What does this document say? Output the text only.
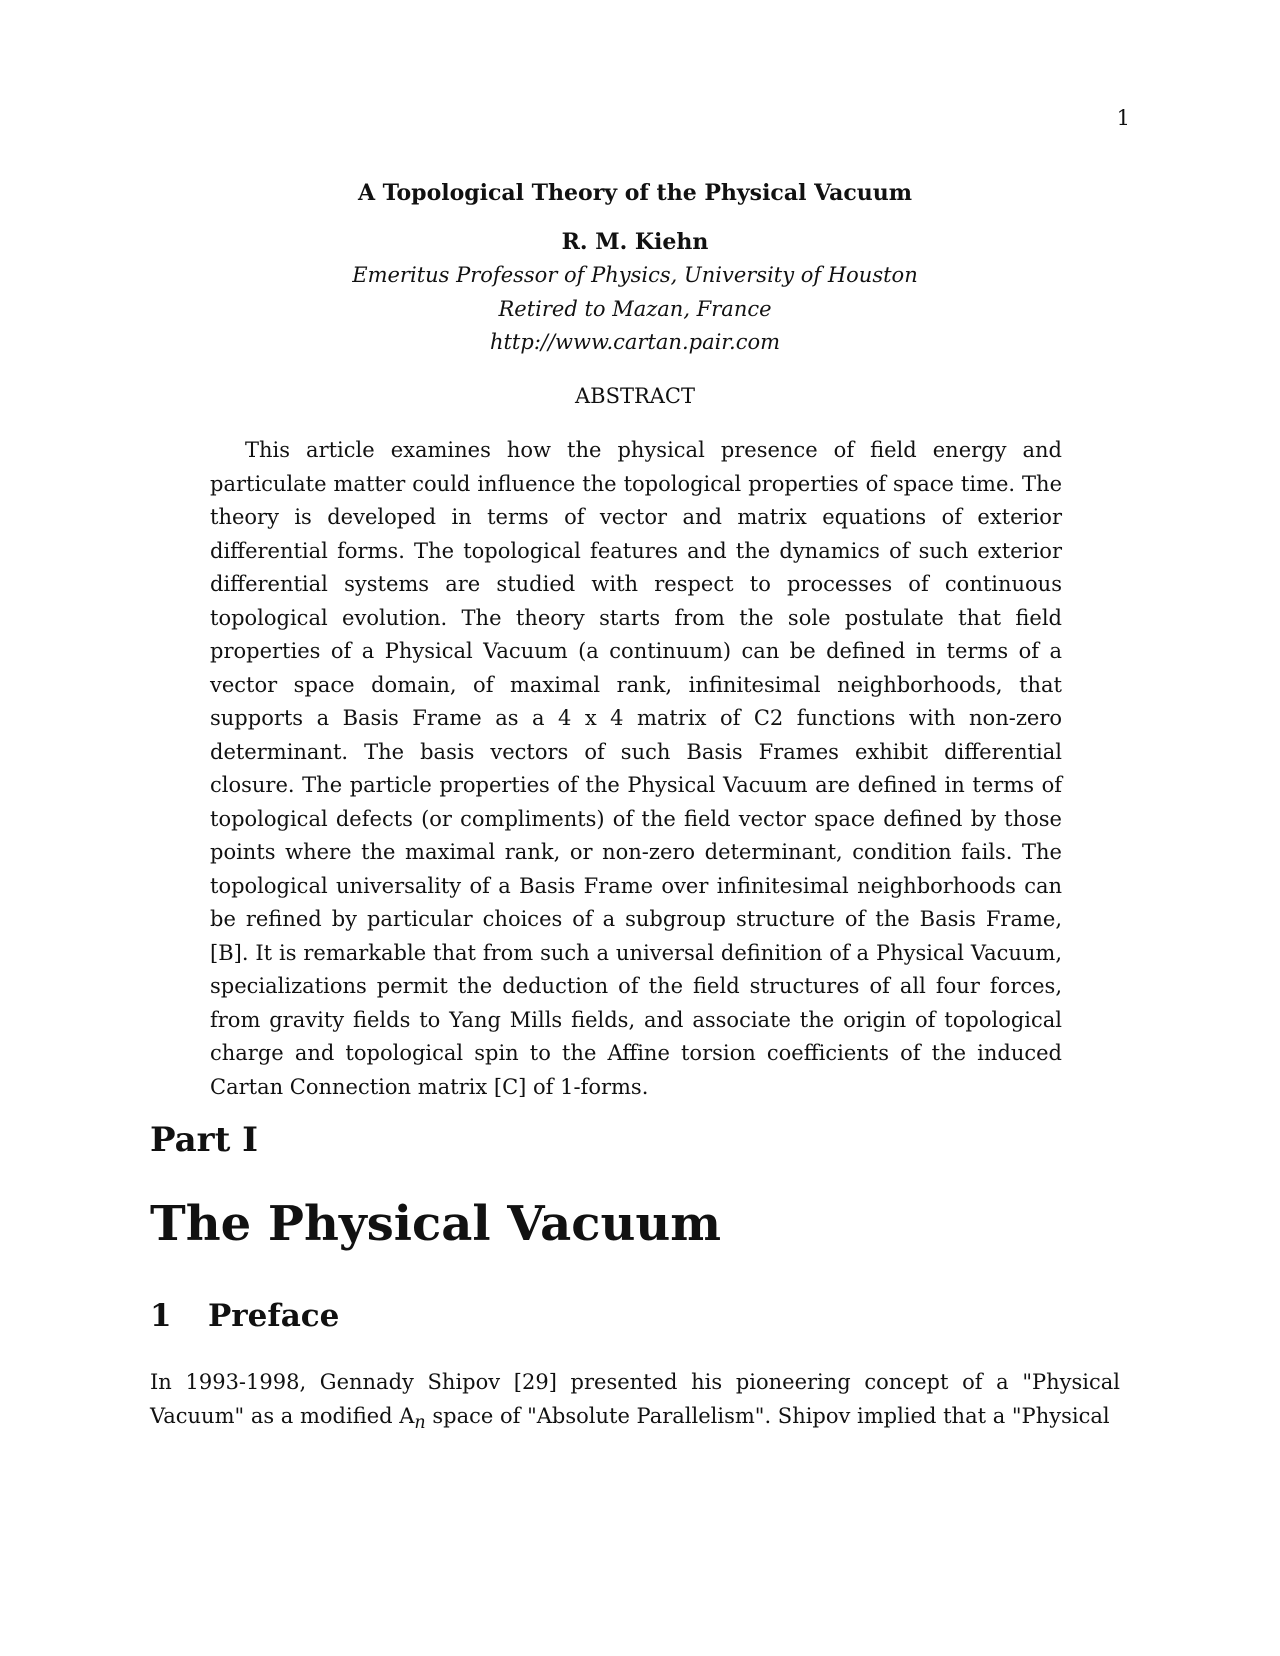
1
A Topological Theory of the Physical Vacuum
R. M. Kiehn
Emeritus Professor of Physics, University of Houston
Retired to Mazan, France
http://www.cartan.pair.com
ABSTRACT

This article examines how the physical presence of field energy and particulate matter could influence the topological properties of space time. The theory is developed in terms of vector and matrix equations of exterior differential forms. The topological features and the dynamics of such exterior differential systems are studied with respect to processes of continuous topological evolution. The theory starts from the sole postulate that field properties of a Physical Vacuum (a continuum) can be defined in terms of a vector space domain, of maximal rank, infinitesimal neighborhoods, that supports a Basis Frame as a 4 x 4 matrix of C2 functions with non-zero determinant. The basis vectors of such Basis Frames exhibit differential closure. The particle properties of the Physical Vacuum are defined in terms of topological defects (or compliments) of the field vector space defined by those points where the maximal rank, or non-zero determinant, condition fails. The topological universality of a Basis Frame over infinitesimal neighborhoods can be refined by particular choices of a subgroup structure of the Basis Frame, [B]. It is remarkable that from such a universal definition of a Physical Vacuum, specializations permit the deduction of the field structures of all four forces, from gravity fields to Yang Mills fields, and associate the origin of topological charge and topological spin to the Affine torsion coefficients of the induced Cartan Connection matrix [C] of 1-forms.

Part I
The Physical Vacuum
1 Preface

In 1993-1998, Gennady Shipov [29] presented his pioneering concept of a "Physical Vacuum" as a modified $A_n$ space of "Absolute Parallelism". Shipov implied that a "Physical
